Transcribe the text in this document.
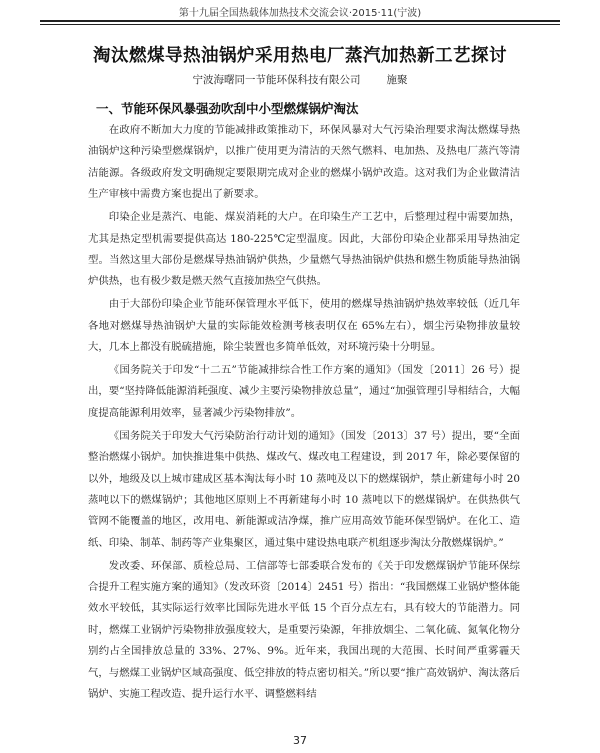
第十九届全国热载体加热技术交流会议·2015·11(宁波)
淘汰燃煤导热油锅炉采用热电厂蒸汽加热新工艺探讨
宁波海曙同一节能环保科技有限公司 施聚
一、节能环保风暴强劲吹刮中小型燃煤锅炉淘汰

在政府不断加大力度的节能减排政策推动下，环保风暴对大气污染治理要求淘汰燃煤导热油锅炉这种污染型燃煤锅炉，以推广使用更为清洁的天然气燃料、电加热、及热电厂蒸汽等清洁能源。各级政府发文明确规定要限期完成对企业的燃煤小锅炉改造。这对我们为企业做清洁生产审核中需费方案也提出了新要求。

印染企业是蒸汽、电能、煤炭消耗的大户。在印染生产工艺中，后整理过程中需要加热，尤其是热定型机需要提供高达 180-225℃定型温度。因此，大部份印染企业都采用导热油定型。当然这里大部份是燃煤导热油锅炉供热，少量燃气导热油锅炉供热和燃生物质能导热油锅炉供热，也有极少数是燃天然气直接加热空气供热。

由于大部份印染企业节能环保管理水平低下，使用的燃煤导热油锅炉热效率较低（近几年各地对燃煤导热油锅炉大量的实际能效检测考核表明仅在 65%左右），烟尘污染物排放量较大，几本上都没有脱硫措施，除尘装置也多简单低效，对环境污染十分明显。

《国务院关于印发“十二五”节能减排综合性工作方案的通知》（国发〔2011〕26 号）提出，要“坚持降低能源消耗强度、减少主要污染物排放总量”，通过“加强管理引导相结合，大幅度提高能源利用效率，显著减少污染物排放”。

《国务院关于印发大气污染防治行动计划的通知》（国发〔2013〕37 号）提出，要“全面整治燃煤小锅炉。加快推进集中供热、煤改气、煤改电工程建设，到 2017 年，除必要保留的以外，地级及以上城市建成区基本淘汰每小时 10 蒸吨及以下的燃煤锅炉，禁止新建每小时 20 蒸吨以下的燃煤锅炉；其他地区原则上不再新建每小时 10 蒸吨以下的燃煤锅炉。在供热供气管网不能覆盖的地区，改用电、新能源或洁净煤，推广应用高效节能环保型锅炉。在化工、造纸、印染、制革、制药等产业集聚区，通过集中建设热电联产机组逐步淘汰分散燃煤锅炉。”

发改委、环保部、质检总局、工信部等七部委联合发布的《关于印发燃煤锅炉节能环保综合提升工程实施方案的通知》（发改环资〔2014〕2451 号）指出：“我国燃煤工业锅炉整体能效水平较低，其实际运行效率比国际先进水平低 15 个百分点左右，具有较大的节能潜力。同时，燃煤工业锅炉污染物排放强度较大，是重要污染源，年排放烟尘、二氧化硫、氮氧化物分别约占全国排放总量的 33%、27%、9%。近年来，我国出现的大范围、长时间严重雾霾天气，与燃煤工业锅炉区域高强度、低空排放的特点密切相关。”所以要“推广高效锅炉、淘汰落后锅炉、实施工程改造、提升运行水平、调整燃料结

37
